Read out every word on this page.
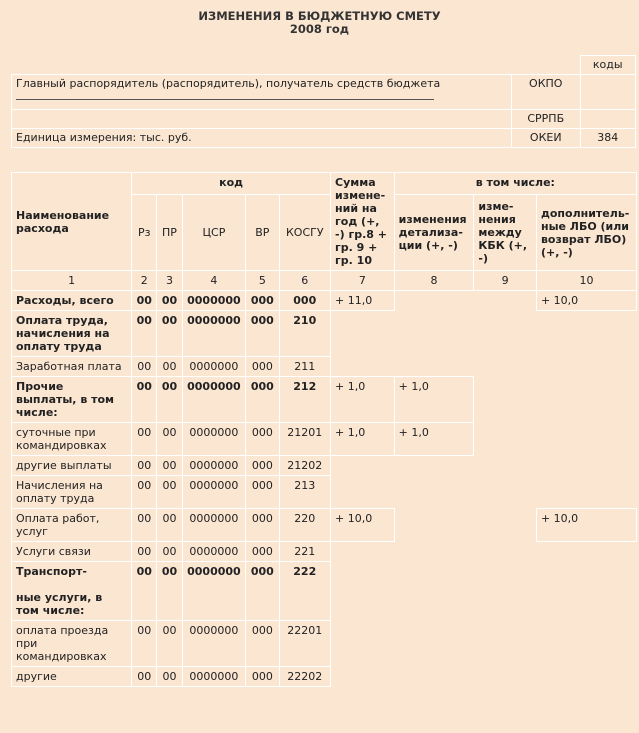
ИЗМЕНЕНИЯ В БЮДЖЕТНУЮ СМЕТУ
2008 год
		коды

Главный распорядитель (распорядитель), получатель средств бюджета	ОКПО	
	СРРПБ	
Единица измерения: тыс. руб.	ОКЕИ	384
Наименование расхода	код					Сумма измене-ний на год (+, -) гр.8 + гр. 9 + гр. 10	в том числе:		
	Рз	ПР	ЦСР	ВР	КОСГУ		изменения детализа-ции (+, -)	изме-нения между КБК (+, -)	дополнитель-ные ЛБО (или возврат ЛБО) (+, -)
1	2	3	4	5	6	7	8	9	10
Расходы, всего	00	00	0000000	000	000	+ 11,0			+ 10,0
Оплата труда, начисления на оплату труда	00	00	0000000	000	210				
Заработная плата	00	00	0000000	000	211				
Прочие выплаты, в том числе:	00	00	0000000	000	212	+ 1,0	+ 1,0		
суточные при командировках	00	00	0000000	000	21201	+ 1,0	+ 1,0		
другие выплаты	00	00	0000000	000	21202				
Начисления на оплату труда	00	00	0000000	000	213				
Оплата работ, услуг	00	00	0000000	000	220	+ 10,0			+ 10,0
Услуги связи	00	00	0000000	000	221				
Транспорт-

ные услуги, в том числе:	00	00	0000000	000	222				
оплата проезда при командировках	00	00	0000000	000	22201				
другие	00	00	0000000	000	22202				
